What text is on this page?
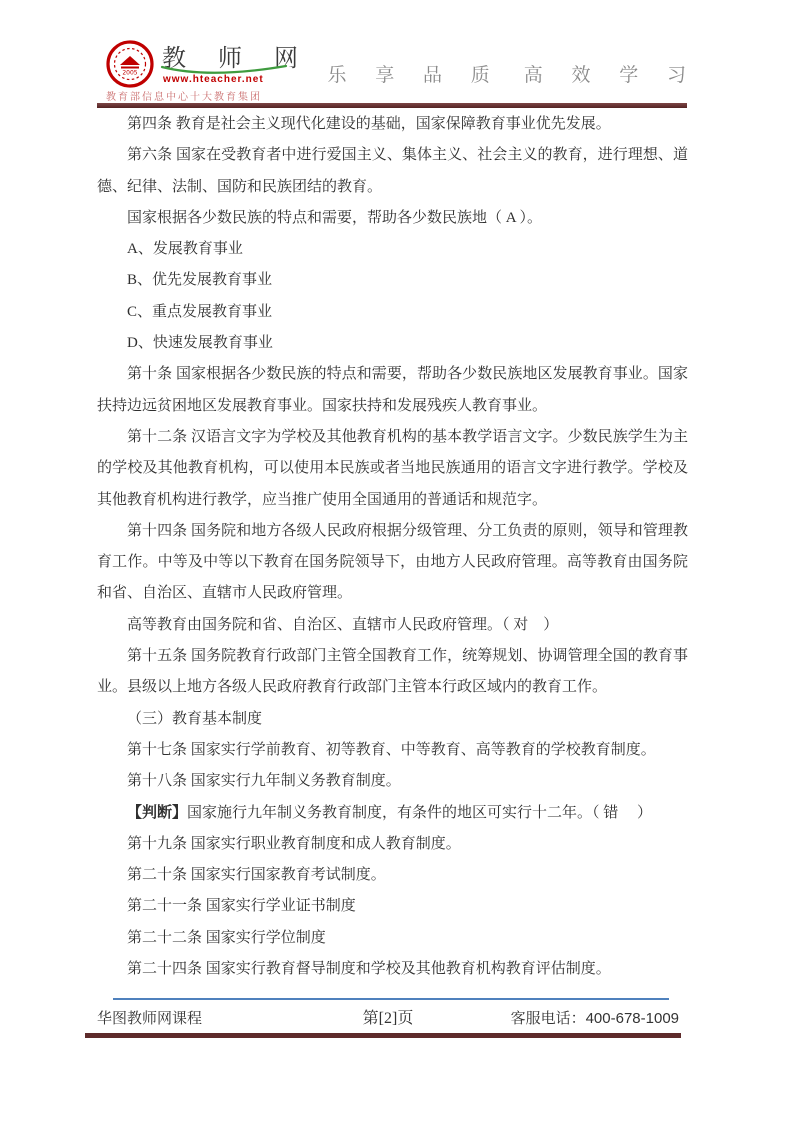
2005
教 师 网
www.hteacher.net
教育部信息中心十大教育集团
乐 享 品 质 高 效 学 习

第四条 教育是社会主义现代化建设的基础，国家保障教育事业优先发展。

第六条 国家在受教育者中进行爱国主义、集体主义、社会主义的教育，进行理想、道德、纪律、法制、国防和民族团结的教育。

国家根据各少数民族的特点和需要，帮助各少数民族地（ A ）。

A、发展教育事业

B、优先发展教育事业

C、重点发展教育事业

D、快速发展教育事业

第十条 国家根据各少数民族的特点和需要，帮助各少数民族地区发展教育事业。国家扶持边远贫困地区发展教育事业。国家扶持和发展残疾人教育事业。

第十二条 汉语言文字为学校及其他教育机构的基本教学语言文字。少数民族学生为主的学校及其他教育机构，可以使用本民族或者当地民族通用的语言文字进行教学。学校及其他教育机构进行教学，应当推广使用全国通用的普通话和规范字。

第十四条 国务院和地方各级人民政府根据分级管理、分工负责的原则，领导和管理教育工作。中等及中等以下教育在国务院领导下，由地方人民政府管理。高等教育由国务院和省、自治区、直辖市人民政府管理。

高等教育由国务院和省、自治区、直辖市人民政府管理。（ 对　）

第十五条 国务院教育行政部门主管全国教育工作，统筹规划、协调管理全国的教育事业。县级以上地方各级人民政府教育行政部门主管本行政区域内的教育工作。

（三）教育基本制度

第十七条 国家实行学前教育、初等教育、中等教育、高等教育的学校教育制度。

第十八条 国家实行九年制义务教育制度。

【判断】国家施行九年制义务教育制度，有条件的地区可实行十二年。（ 错　 ）

第十九条 国家实行职业教育制度和成人教育制度。

第二十条 国家实行国家教育考试制度。

第二十一条 国家实行学业证书制度

第二十二条 国家实行学位制度

第二十四条 国家实行教育督导制度和学校及其他教育机构教育评估制度。

华图教师网课程	第[2]页	客服电话：400-678-1009
